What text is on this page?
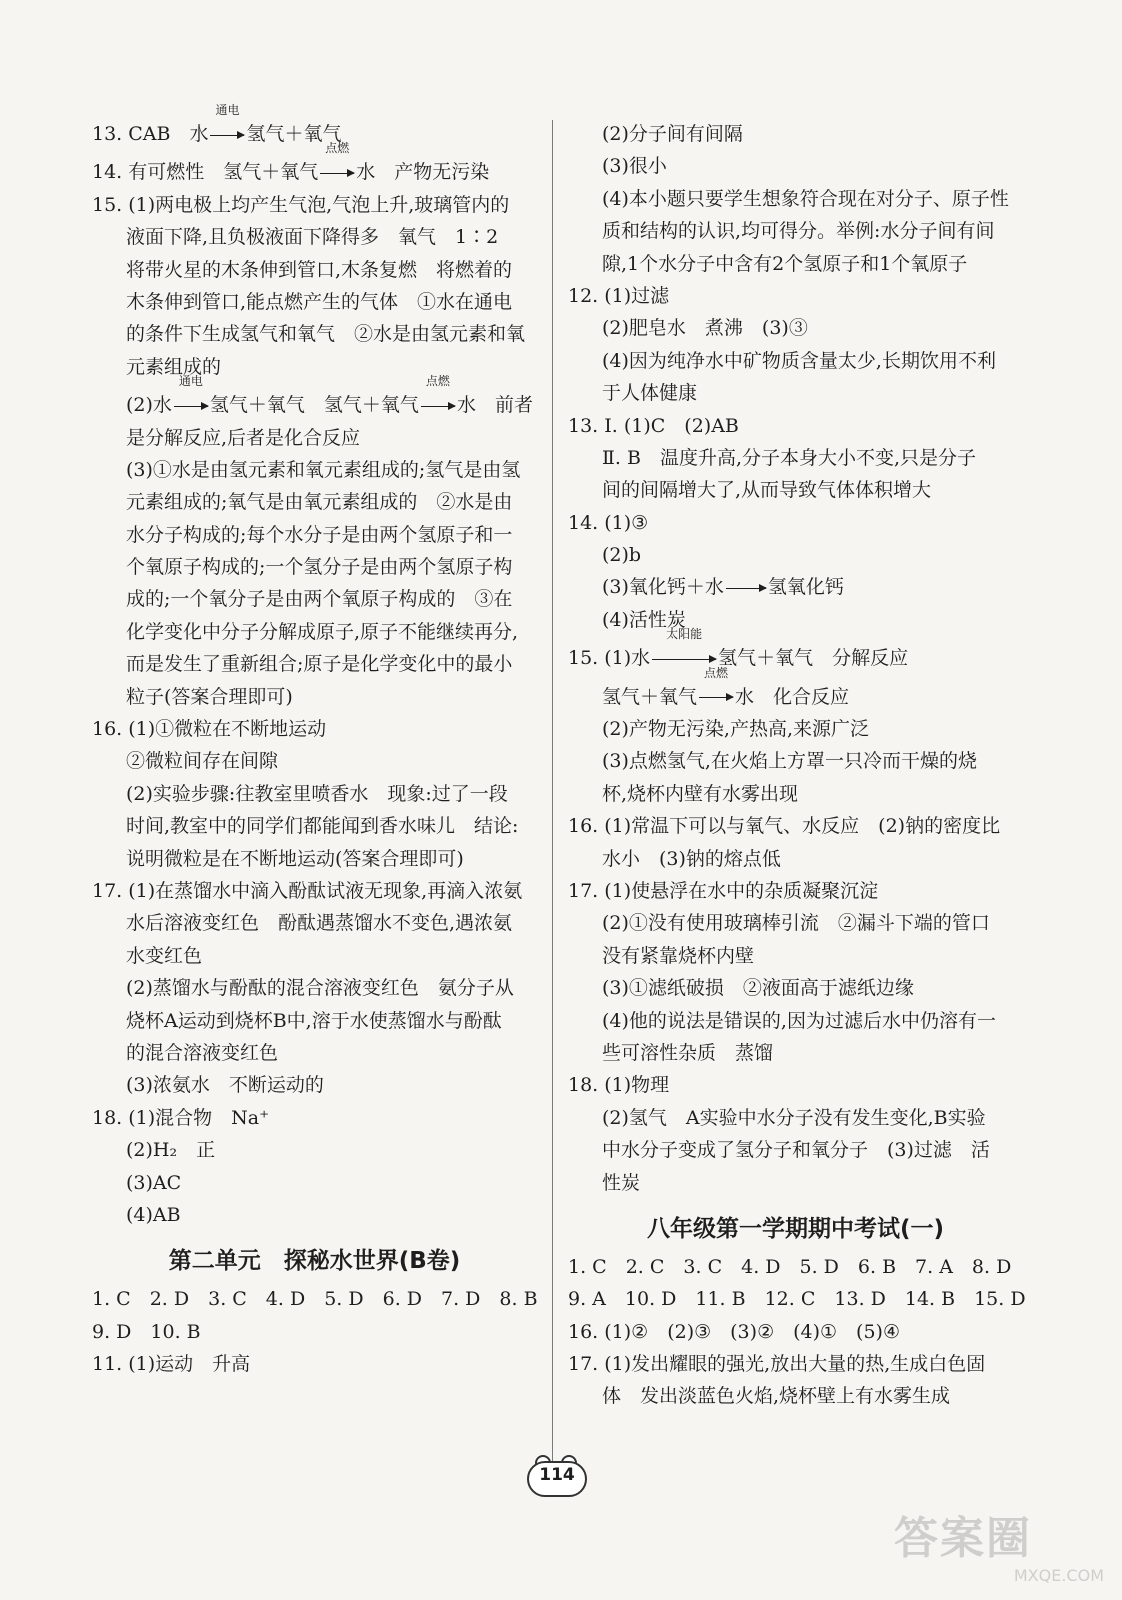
13. CAB　水
通电
氢气＋氧气
14. 有可燃性　氢气＋氧气
点燃
水　产物无污染
15. (1)两电极上均产生气泡,气泡上升,玻璃管内的
液面下降,且负极液面下降得多　氧气　1∶2
将带火星的木条伸到管口,木条复燃　将燃着的
木条伸到管口,能点燃产生的气体　①水在通电
的条件下生成氢气和氧气　②水是由氢元素和氧
元素组成的
(2)水
通电
氢气＋氧气　氢气＋氧气
点燃
水　前者
是分解反应,后者是化合反应
(3)①水是由氢元素和氧元素组成的;氢气是由氢
元素组成的;氧气是由氧元素组成的　②水是由
水分子构成的;每个水分子是由两个氢原子和一
个氧原子构成的;一个氢分子是由两个氢原子构
成的;一个氧分子是由两个氧原子构成的　③在
化学变化中分子分解成原子,原子不能继续再分,
而是发生了重新组合;原子是化学变化中的最小
粒子(答案合理即可)
16. (1)①微粒在不断地运动
②微粒间存在间隙
(2)实验步骤:往教室里喷香水　现象:过了一段
时间,教室中的同学们都能闻到香水味儿　结论:
说明微粒是在不断地运动(答案合理即可)
17. (1)在蒸馏水中滴入酚酞试液无现象,再滴入浓氨
水后溶液变红色　酚酞遇蒸馏水不变色,遇浓氨
水变红色
(2)蒸馏水与酚酞的混合溶液变红色　氨分子从
烧杯A运动到烧杯B中,溶于水使蒸馏水与酚酞
的混合溶液变红色
(3)浓氨水　不断运动的
18. (1)混合物　Na⁺
(2)H₂　正
(3)AC
(4)AB
第二单元　探秘水世界(B卷)
1. C　2. D　3. C　4. D　5. D　6. D　7. D　8. B
9. D　10. B
11. (1)运动　升高
(2)分子间有间隔
(3)很小
(4)本小题只要学生想象符合现在对分子、原子性
质和结构的认识,均可得分。举例:水分子间有间
隙,1个水分子中含有2个氢原子和1个氧原子
12. (1)过滤
(2)肥皂水　煮沸　(3)③
(4)因为纯净水中矿物质含量太少,长期饮用不利
于人体健康
13. Ⅰ. (1)C　(2)AB
Ⅱ. B　温度升高,分子本身大小不变,只是分子
间的间隔增大了,从而导致气体体积增大
14. (1)③
(2)b
(3)氧化钙＋水 → 氢氧化钙
(4)活性炭
15. (1)水
太阳能
氢气＋氧气　分解反应
氢气＋氧气
点燃
水　化合反应
(2)产物无污染,产热高,来源广泛
(3)点燃氢气,在火焰上方罩一只冷而干燥的烧
杯,烧杯内壁有水雾出现
16. (1)常温下可以与氧气、水反应　(2)钠的密度比
水小　(3)钠的熔点低
17. (1)使悬浮在水中的杂质凝聚沉淀
(2)①没有使用玻璃棒引流　②漏斗下端的管口
没有紧靠烧杯内壁
(3)①滤纸破损　②液面高于滤纸边缘
(4)他的说法是错误的,因为过滤后水中仍溶有一
些可溶性杂质　蒸馏
18. (1)物理
(2)氢气　A实验中水分子没有发生变化,B实验
中水分子变成了氢分子和氧分子　(3)过滤　活
性炭
八年级第一学期期中考试(一)
1. C　2. C　3. C　4. D　5. D　6. B　7. A　8. D
9. A　10. D　11. B　12. C　13. D　14. B　15. D
16. (1)②　(2)③　(3)②　(4)①　(5)④
17. (1)发出耀眼的强光,放出大量的热,生成白色固
体　发出淡蓝色火焰,烧杯壁上有水雾生成
114
答案圈
MXQE.COM
